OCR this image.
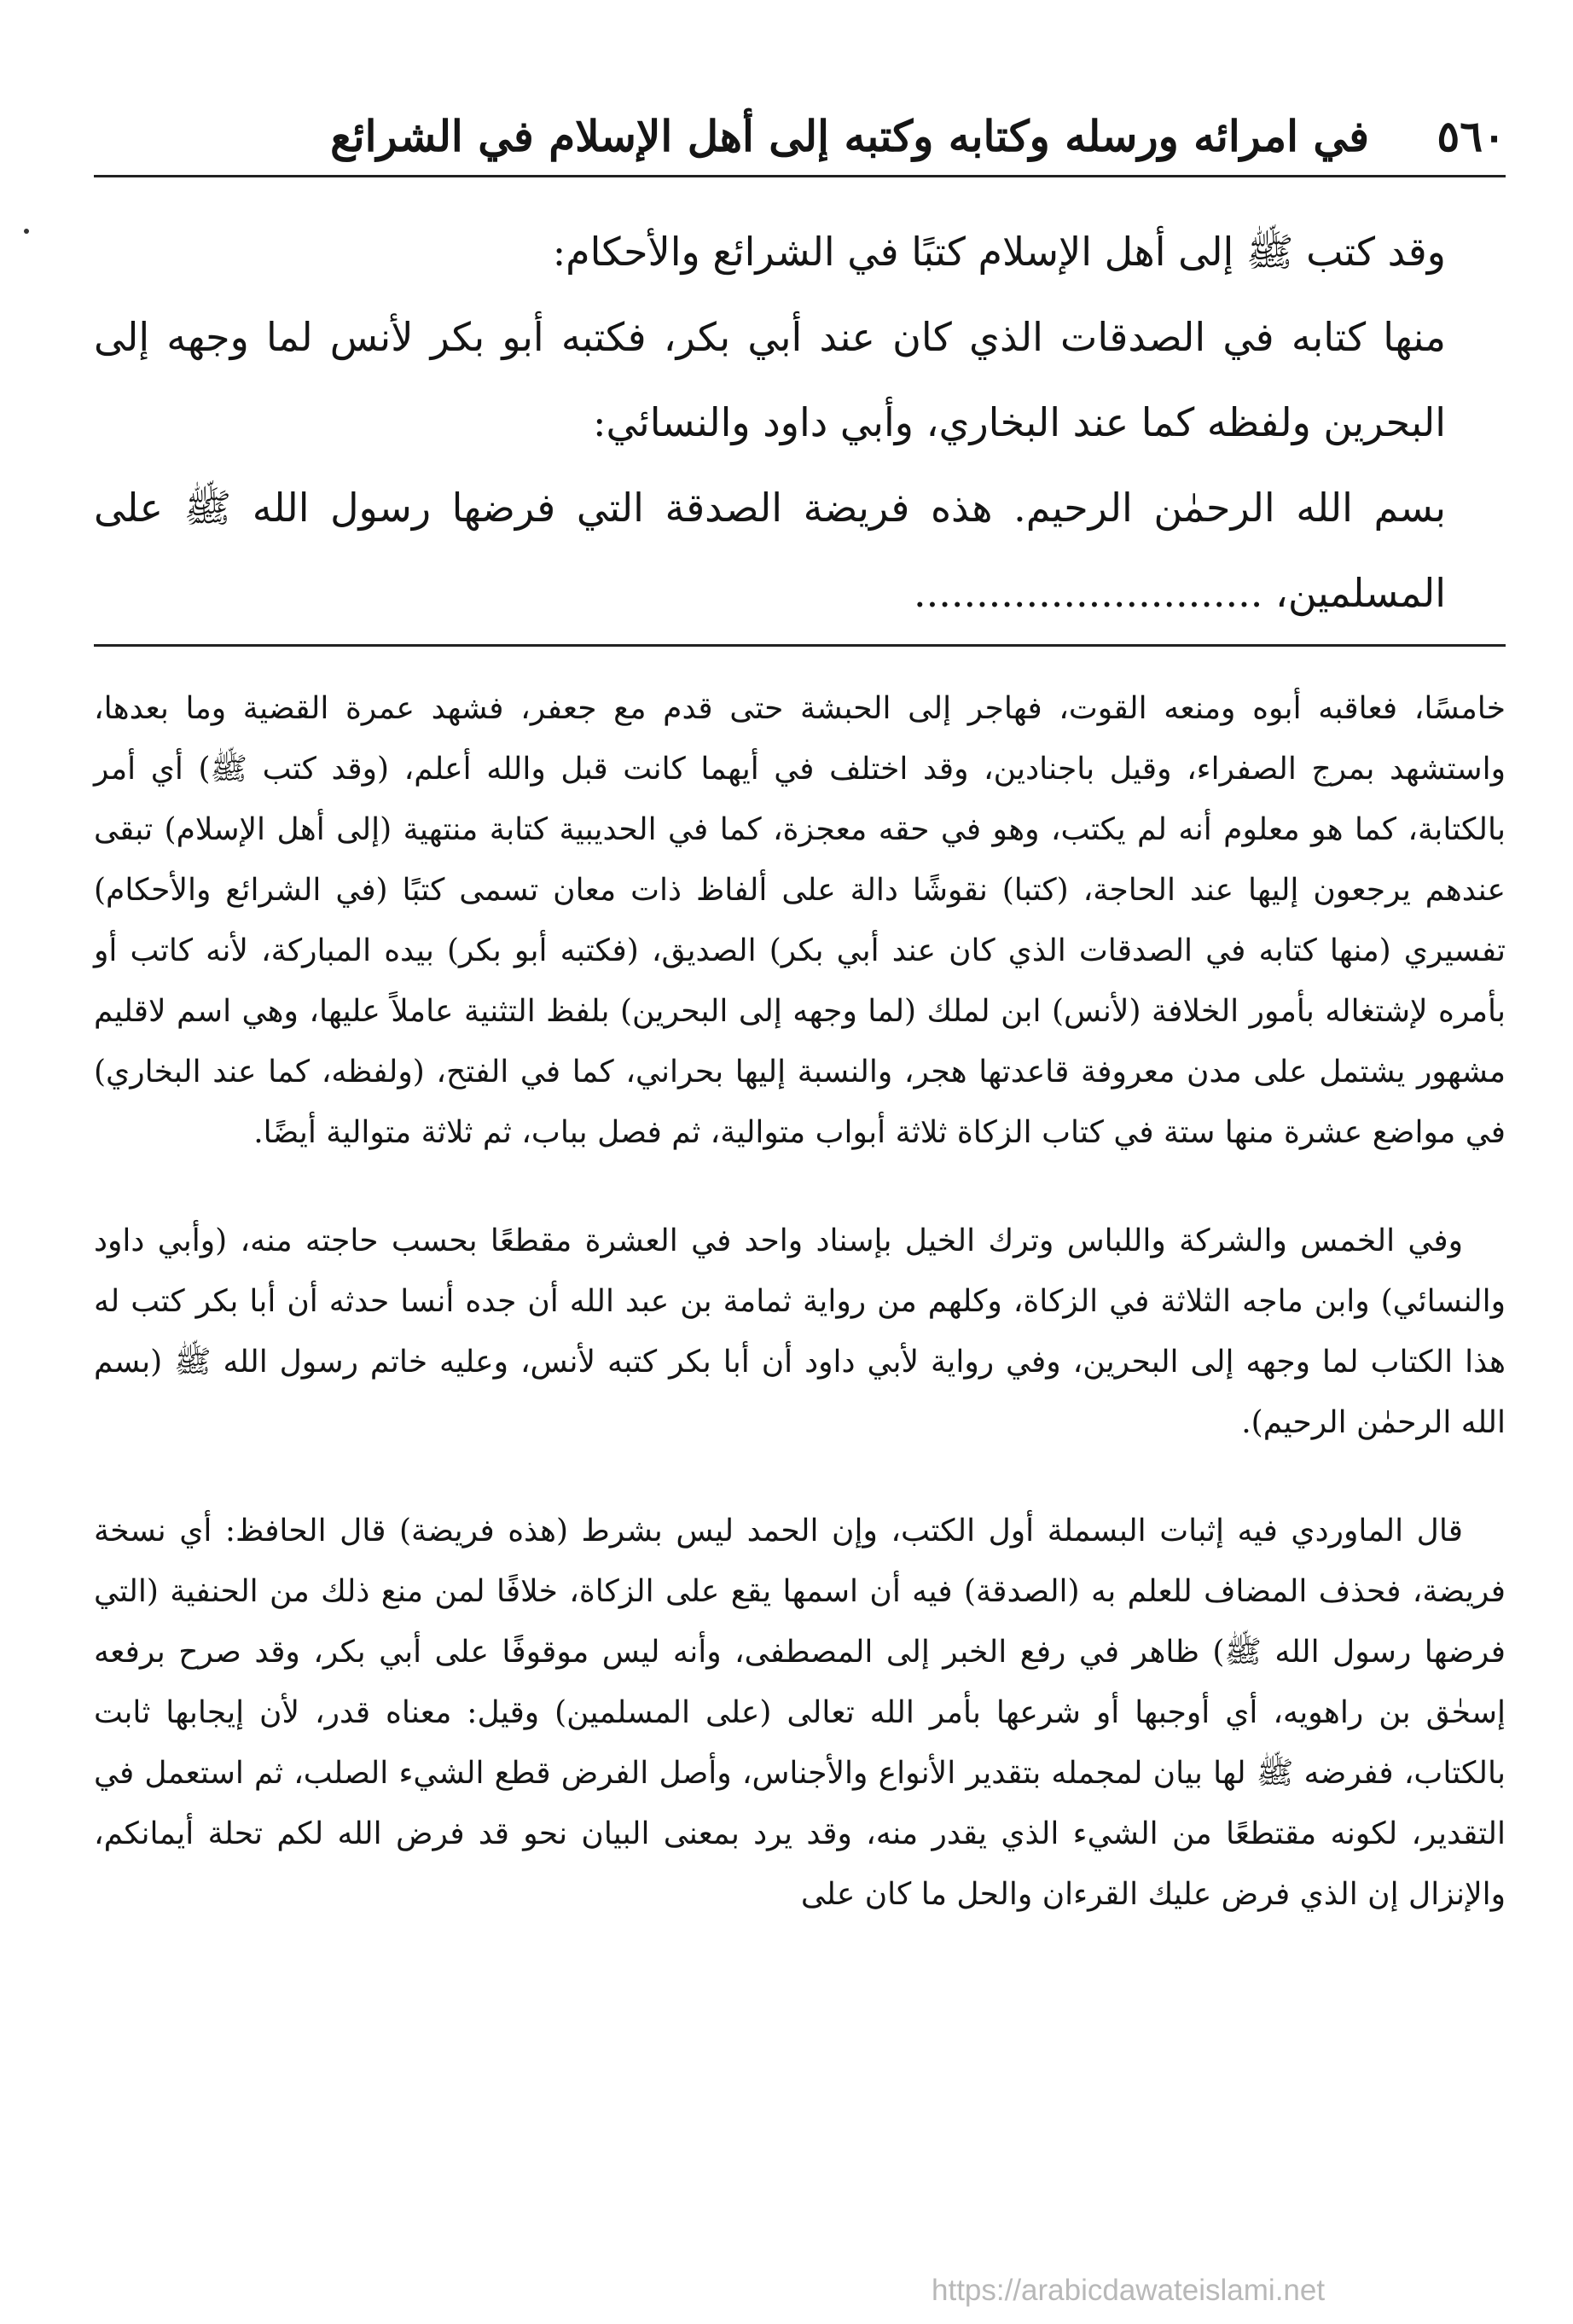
في امرائه ورسله وكتابه وكتبه إلى أهل الإسلام في الشرائع ٥٦٠

وقد كتب ﷺ إلى أهل الإسلام كتبًا في الشرائع والأحكام:

منها كتابه في الصدقات الذي كان عند أبي بكر، فكتبه أبو بكر لأنس لما وجهه إلى البحرين ولفظه كما عند البخاري، وأبي داود والنسائي:

بسم الله الرحمٰن الرحيم. هذه فريضة الصدقة التي فرضها رسول الله ﷺ على المسلمين، ............................

خامسًا، فعاقبه أبوه ومنعه القوت، فهاجر إلى الحبشة حتى قدم مع جعفر، فشهد عمرة القضية وما بعدها، واستشهد بمرج الصفراء، وقيل باجنادين، وقد اختلف في أيهما كانت قبل والله أعلم، (وقد كتب ﷺ) أي أمر بالكتابة، كما هو معلوم أنه لم يكتب، وهو في حقه معجزة، كما في الحديبية كتابة منتهية (إلى أهل الإسلام) تبقى عندهم يرجعون إليها عند الحاجة، (كتبا) نقوشًا دالة على ألفاظ ذات معان تسمى كتبًا (في الشرائع والأحكام) تفسيري (منها كتابه في الصدقات الذي كان عند أبي بكر) الصديق، (فكتبه أبو بكر) بيده المباركة، لأنه كاتب أو بأمره لإشتغاله بأمور الخلافة (لأنس) ابن لملك (لما وجهه إلى البحرين) بلفظ التثنية عاملاً عليها، وهي اسم لاقليم مشهور يشتمل على مدن معروفة قاعدتها هجر، والنسبة إليها بحراني، كما في الفتح، (ولفظه، كما عند البخاري) في مواضع عشرة منها ستة في كتاب الزكاة ثلاثة أبواب متوالية، ثم فصل بباب، ثم ثلاثة متوالية أيضًا.

وفي الخمس والشركة واللباس وترك الخيل بإسناد واحد في العشرة مقطعًا بحسب حاجته منه، (وأبي داود والنسائي) وابن ماجه الثلاثة في الزكاة، وكلهم من رواية ثمامة بن عبد الله أن جده أنسا حدثه أن أبا بكر كتب له هذا الكتاب لما وجهه إلى البحرين، وفي رواية لأبي داود أن أبا بكر كتبه لأنس، وعليه خاتم رسول الله ﷺ (بسم الله الرحمٰن الرحيم).

قال الماوردي فيه إثبات البسملة أول الكتب، وإن الحمد ليس بشرط (هذه فريضة) قال الحافظ: أي نسخة فريضة، فحذف المضاف للعلم به (الصدقة) فيه أن اسمها يقع على الزكاة، خلافًا لمن منع ذلك من الحنفية (التي فرضها رسول الله ﷺ) ظاهر في رفع الخبر إلى المصطفى، وأنه ليس موقوفًا على أبي بكر، وقد صرح برفعه إسحٰق بن راهويه، أي أوجبها أو شرعها بأمر الله تعالى (على المسلمين) وقيل: معناه قدر، لأن إيجابها ثابت بالكتاب، ففرضه ﷺ لها بيان لمجمله بتقدير الأنواع والأجناس، وأصل الفرض قطع الشيء الصلب، ثم استعمل في التقدير، لكونه مقتطعًا من الشيء الذي يقدر منه، وقد يرد بمعنى البيان نحو قد فرض الله لكم تحلة أيمانكم، والإنزال إن الذي فرض عليك القرءان والحل ما كان على

https://arabicdawateislami.net
